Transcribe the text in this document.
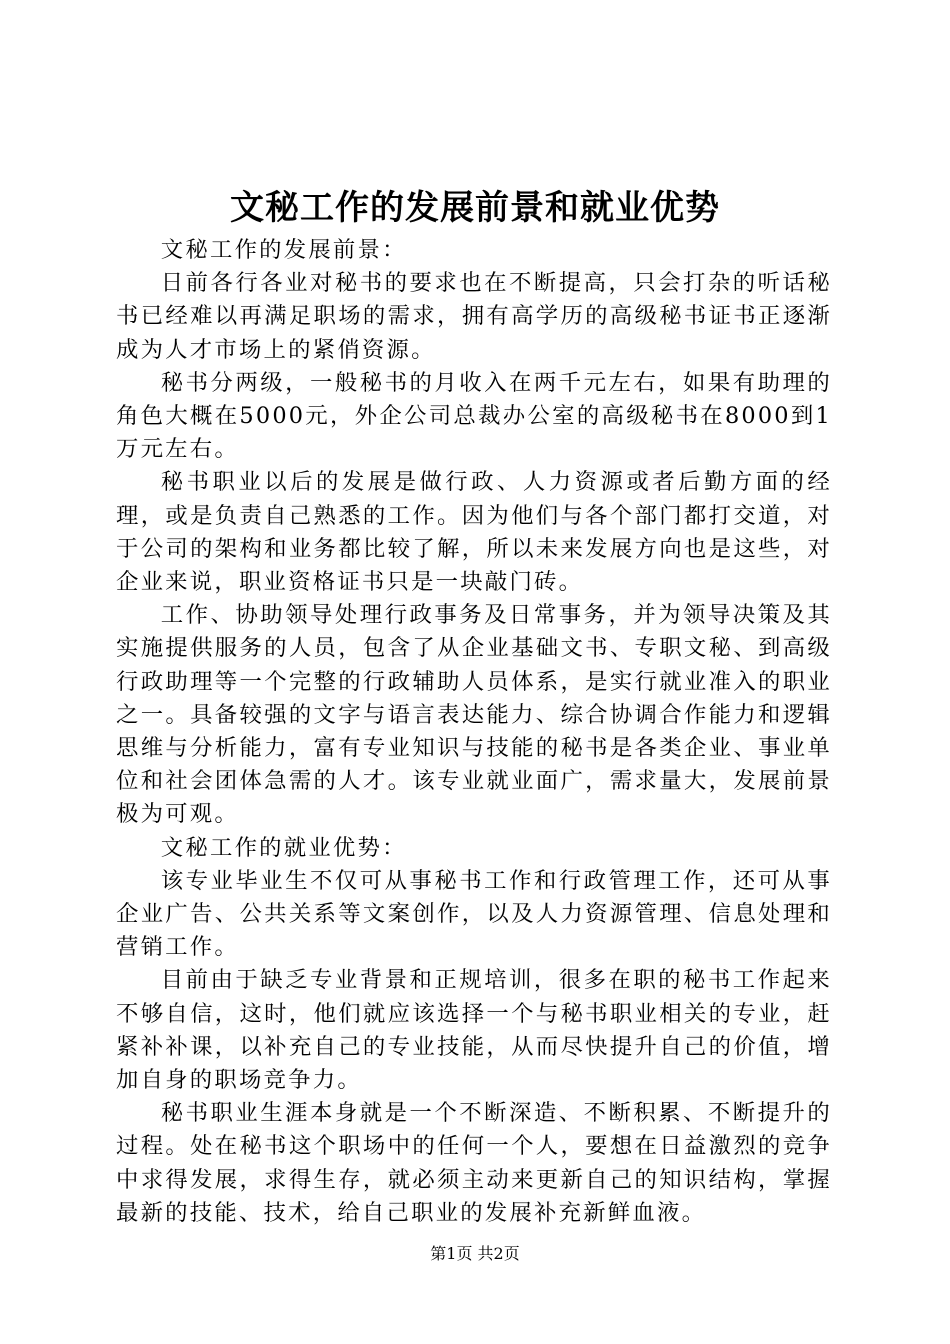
文秘工作的发展前景和就业优势

文秘工作的发展前景：

日前各行各业对秘书的要求也在不断提高，只会打杂的听话秘书已经难以再满足职场的需求，拥有高学历的高级秘书证书正逐渐成为人才市场上的紧俏资源。

秘书分两级，一般秘书的月收入在两千元左右，如果有助理的角色大概在5000元，外企公司总裁办公室的高级秘书在8000到1万元左右。

秘书职业以后的发展是做行政、人力资源或者后勤方面的经理，或是负责自己熟悉的工作。因为他们与各个部门都打交道，对于公司的架构和业务都比较了解，所以未来发展方向也是这些，对企业来说，职业资格证书只是一块敲门砖。

工作、协助领导处理行政事务及日常事务，并为领导决策及其实施提供服务的人员，包含了从企业基础文书、专职文秘、到高级行政助理等一个完整的行政辅助人员体系，是实行就业准入的职业之一。具备较强的文字与语言表达能力、综合协调合作能力和逻辑思维与分析能力，富有专业知识与技能的秘书是各类企业、事业单位和社会团体急需的人才。该专业就业面广，需求量大，发展前景极为可观。

文秘工作的就业优势：

该专业毕业生不仅可从事秘书工作和行政管理工作，还可从事企业广告、公共关系等文案创作，以及人力资源管理、信息处理和营销工作。

目前由于缺乏专业背景和正规培训，很多在职的秘书工作起来不够自信，这时，他们就应该选择一个与秘书职业相关的专业，赶紧补补课，以补充自己的专业技能，从而尽快提升自己的价值，增加自身的职场竞争力。

秘书职业生涯本身就是一个不断深造、不断积累、不断提升的过程。处在秘书这个职场中的任何一个人，要想在日益激烈的竞争中求得发展，求得生存，就必须主动来更新自己的知识结构，掌握最新的技能、技术，给自己职业的发展补充新鲜血液。

第1页 共2页
